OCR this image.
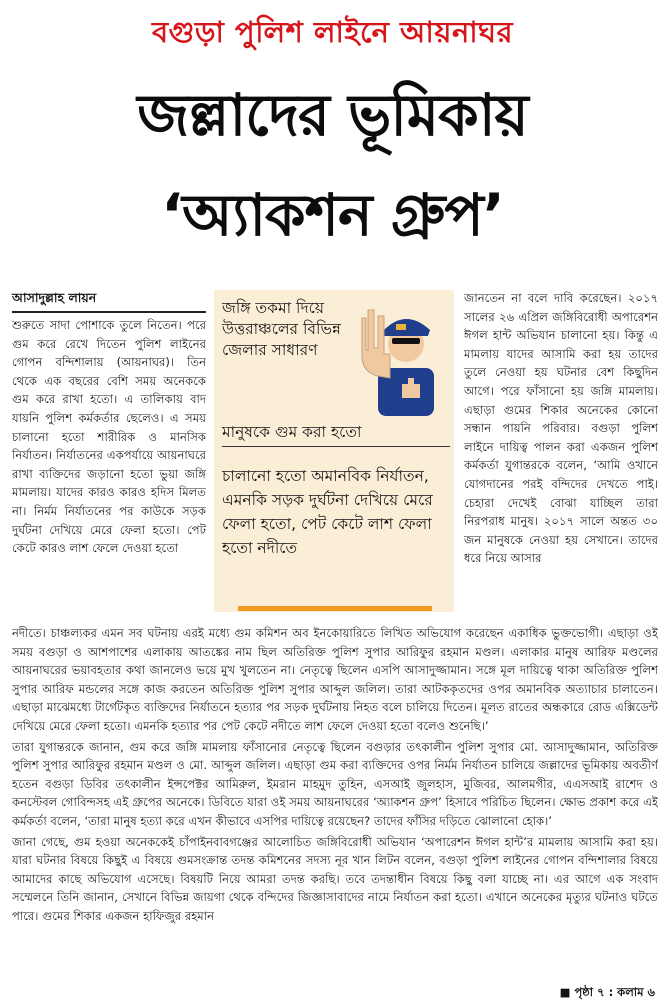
বগুড়া পুলিশ লাইনে আয়নাঘর
জল্লাদের ভূমিকায়
‘অ্যাকশন গ্রুপ’
আসাদুল্লাহ লায়ন

শুরুতে সাদা পোশাকে তুলে নিতেন। পরে গুম করে রেখে দিতেন পুলিশ লাইনের গোপন বন্দিশালায় (আয়নাঘর)। তিন থেকে এক বছরের বেশি সময় অনেককে গুম করে রাখা হতো। এ তালিকায় বাদ যায়নি পুলিশ কর্মকর্তার ছেলেও। এ সময় চালানো হতো শারীরিক ও মানসিক নির্যাতন। নির্যাতনের একপর্যায়ে আয়নাঘরে রাখা ব্যক্তিদের জড়ানো হতো ভুয়া জঙ্গি মামলায়। যাদের কারও কারও হদিস মিলত না। নির্মম নির্যাতনের পর কাউকে সড়ক দুর্ঘটনা দেখিয়ে মেরে ফেলা হতো। পেট কেটে কারও লাশ ফেলে দেওয়া হতো

জঙ্গি তকমা দিয়ে উত্তরাঞ্চলের বিভিন্ন জেলার সাধারণ
মানুষকে গুম করা হতো
চালানো হতো অমানবিক নির্যাতন, এমনকি সড়ক দুর্ঘটনা দেখিয়ে মেরে ফেলা হতো, পেট কেটে লাশ ফেলা হতো নদীতে

জানতেন না বলে দাবি করেছেন। ২০১৭ সালের ২৬ এপ্রিল জঙ্গিবিরোধী অপারেশন ঈগল হান্ট অভিযান চালানো হয়। কিন্তু এ মামলায় যাদের আসামি করা হয় তাদের তুলে নেওয়া হয় ঘটনার বেশ কিছুদিন আগে। পরে ফাঁসানো হয় জঙ্গি মামলায়। এছাড়া গুমের শিকার অনেকের কোনো সন্ধান পায়নি পরিবার। বগুড়া পুলিশ লাইনে দায়িত্ব পালন করা একজন পুলিশ কর্মকর্তা যুগান্তরকে বলেন, ‘আমি ওখানে যোগদানের পরই বন্দিদের দেখতে পাই। চেহারা দেখেই বোঝা যাচ্ছিল তারা নিরপরাধ মানুষ। ২০১৭ সালে অন্তত ৩০ জন মানুষকে নেওয়া হয় সেখানে। তাদের ধরে নিয়ে আসার

নদীতে। চাঞ্চল্যকর এমন সব ঘটনায় এরই মধ্যে গুম কমিশন অব ইনকোয়ারিতে লিখিত অভিযোগ করেছেন একাধিক ভুক্তভোগী। এছাড়া ওই সময় বগুড়া ও আশপাশের এলাকায় আতঙ্কের নাম ছিল অতিরিক্ত পুলিশ সুপার আরিফুর রহমান মণ্ডল। এলাকার মানুষ আরিফ মণ্ডলের আয়নাঘরের ভয়াবহতার কথা জানলেও ভয়ে মুখ খুলতেন না। নেতৃত্বে ছিলেন এসপি আসাদুজ্জামান। সঙ্গে মূল দায়িত্বে থাকা অতিরিক্ত পুলিশ সুপার আরিফ মন্ডলের সঙ্গে কাজ করতেন অতিরিক্ত পুলিশ সুপার আব্দুল জলিল। তারা আটককৃতদের ওপর অমানবিক অত্যাচার চালাতেন। এছাড়া মাঝেমধ্যে টার্গেটকৃত ব্যক্তিদের নির্যাতনে হত্যার পর সড়ক দুর্ঘটনায় নিহত বলে চালিয়ে দিতেন। মূলত রাতের অন্ধকারে রোড এক্সিডেন্ট দেখিয়ে মেরে ফেলা হতো। এমনকি হত্যার পর পেট কেটে নদীতে লাশ ফেলে দেওয়া হতো বলেও শুনেছি।’

তারা যুগান্তরকে জানান, গুম করে জঙ্গি মামলায় ফাঁসানোর নেতৃত্বে ছিলেন বগুড়ার তৎকালীন পুলিশ সুপার মো. আসাদুজ্জামান, অতিরিক্ত পুলিশ সুপার আরিফুর রহমান মণ্ডল ও মো. আব্দুল জলিল। এছাড়া গুম করা ব্যক্তিদের ওপর নির্মম নির্যাতন চালিয়ে জল্লাদের ভূমিকায় অবতীর্ণ হতেন বগুড়া ডিবির তৎকালীন ইন্সপেক্টর আমিরুল, ইমরান মাহমুদ তুহিন, এসআই জুলহাস, মুজিবর, আলমগীর, এএসআই রাশেদ ও কনস্টেবল গোবিন্দসহ এই গ্রুপের অনেকে। ডিবিতে যারা ওই সময় আয়নাঘরের ‘অ্যাকশন গ্রুপ’ হিসাবে পরিচিত ছিলেন। ক্ষোভ প্রকাশ করে এই কর্মকর্তা বলেন, ‘তারা মানুষ হত্যা করে এখন কীভাবে এসপির দায়িত্বে রয়েছেন? তাদের ফাঁসির দড়িতে ঝোলানো হোক।’

জানা গেছে, গুম হওয়া অনেককেই চাঁপাইনবাবগঞ্জের আলোচিত জঙ্গিবিরোধী অভিযান ‘অপারেশন ঈগল হান্ট’র মামলায় আসামি করা হয়। যারা ঘটনার বিষয়ে কিছুই এ বিষয়ে গুমসংক্রান্ত তদন্ত কমিশনের সদস্য নূর খান লিটন বলেন, বগুড়া পুলিশ লাইনের গোপন বন্দিশালার বিষয়ে আমাদের কাছে অভিযোগ এসেছে। বিষয়টি নিয়ে আমরা তদন্ত করছি। তবে তদন্তাধীন বিষয়ে কিছু বলা যাচ্ছে না। এর আগে এক সংবাদ সম্মেলনে তিনি জানান, সেখানে বিভিন্ন জায়গা থেকে বন্দিদের জিজ্ঞাসাবাদের নামে নির্যাতন করা হতো। এখানে অনেকের মৃত্যুর ঘটনাও ঘটতে পারে। গুমের শিকার একজন হাফিজুর রহমান

■ পৃষ্ঠা ৭ : কলাম ৬
